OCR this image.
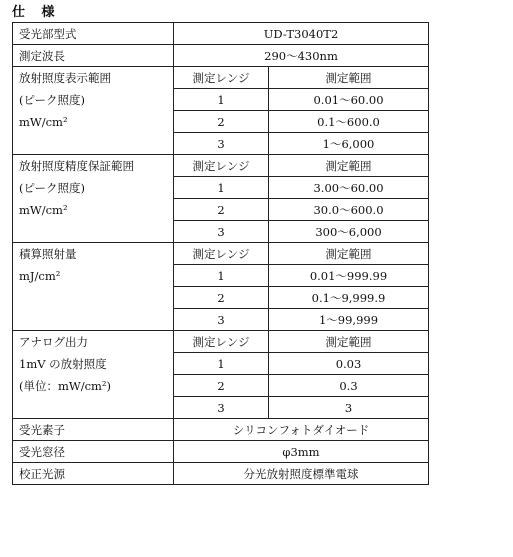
仕 様
受光部型式	UD-T3040T2	
測定波長	290～430nm	
放射照度表示範囲	測定レンジ	測定範囲
(ピーク照度)	1	0.01～60.00
mW/cm²	2	0.1～600.0
	3	1～6,000
放射照度精度保証範囲	測定レンジ	測定範囲
(ピーク照度)	1	3.00～60.00
mW/cm²	2	30.0～600.0
	3	300～6,000
積算照射量	測定レンジ	測定範囲
mJ/cm²	1	0.01～999.99
	2	0.1～9,999.9
	3	1～99,999
アナログ出力	測定レンジ	測定範囲
1mV の放射照度	1	0.03
(単位：mW/cm²)	2	0.3
	3	3
受光素子	シリコンフォトダイオード	
受光窓径	φ3mm	
校正光源	分光放射照度標準電球	
